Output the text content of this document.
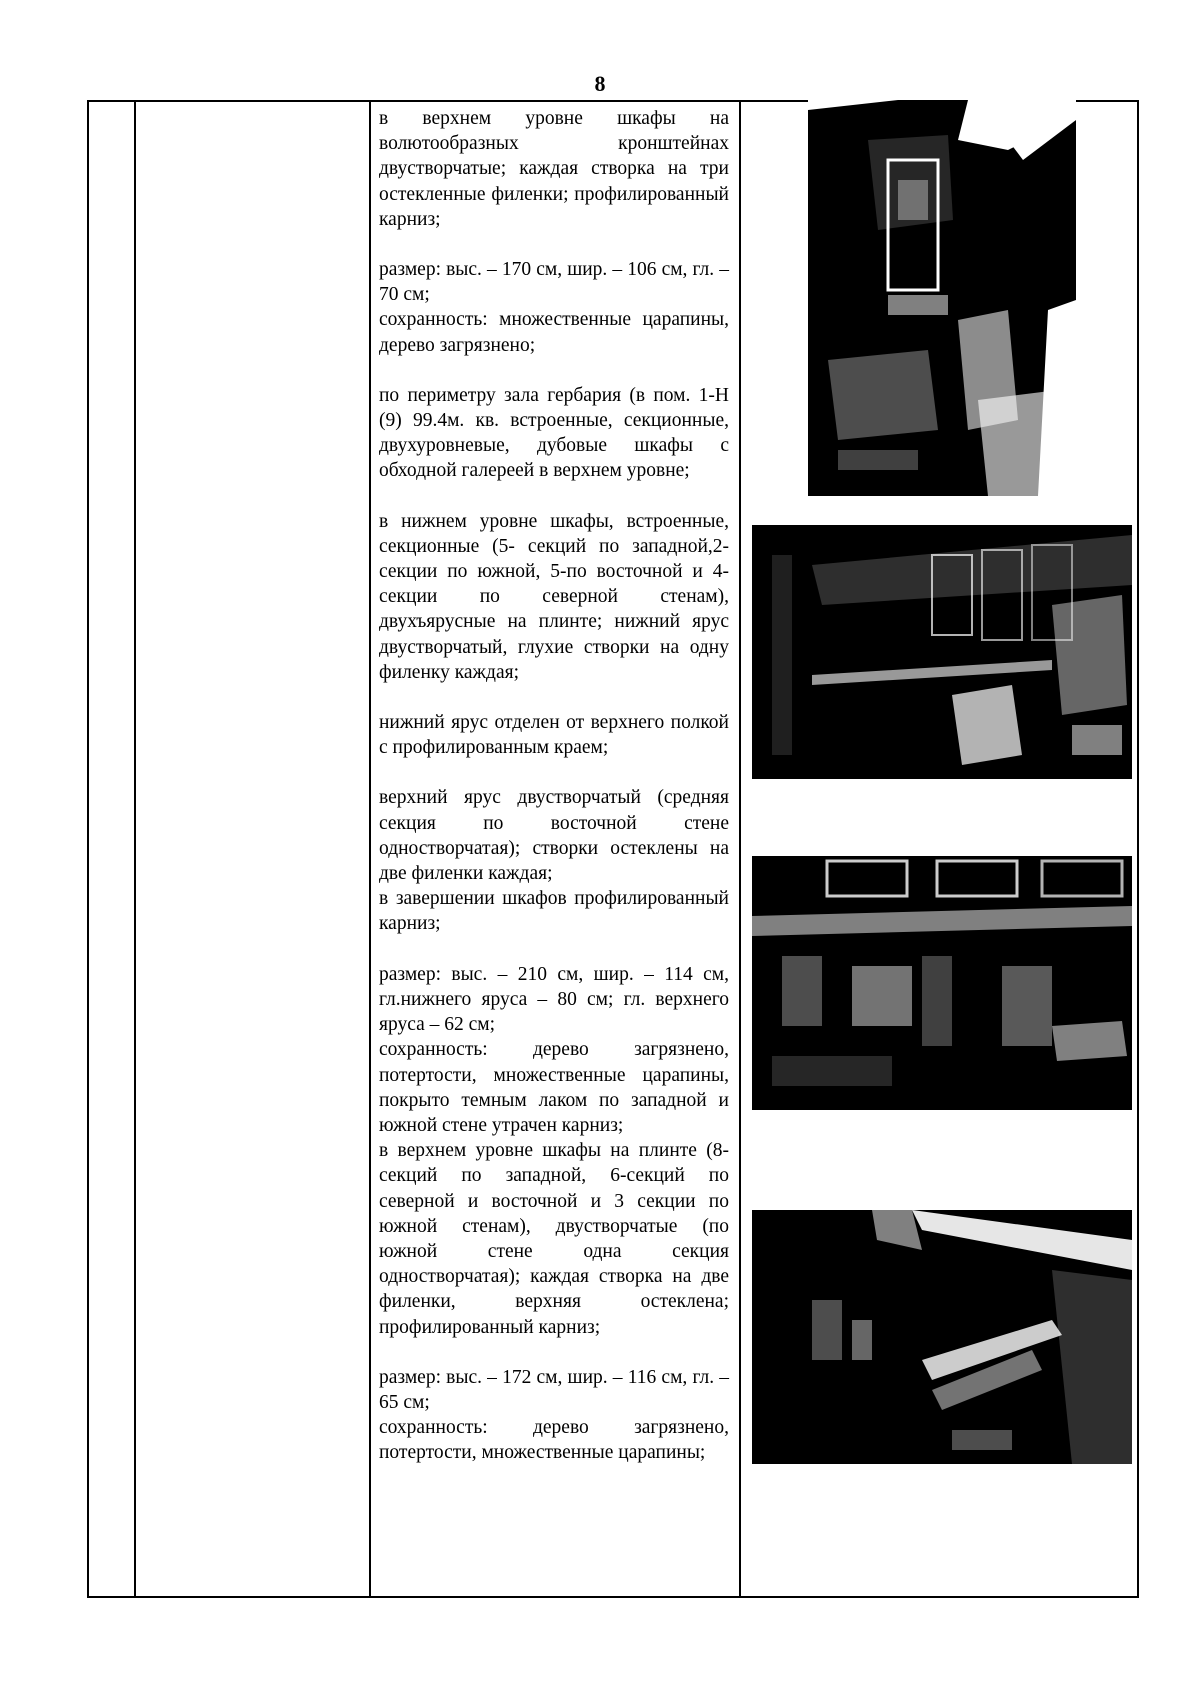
8

в верхнем уровне шкафы на волютообразных кронштейнах двустворчатые; каждая створка на три остекленные филенки; профилированный карниз;

размер: выс. – 170 см, шир. – 106 см, гл. – 70 см;

сохранность: множественные царапины, дерево загрязнено;

по периметру зала гербария (в пом. 1-Н (9) 99.4м. кв. встроенные, секционные, двухуровневые, дубовые шкафы с обходной галереей в верхнем уровне;

в нижнем уровне шкафы, встроенные, секционные (5- секций по западной,2-секции по южной, 5-по восточной и 4-секции по северной стенам), двухъярусные на плинте; нижний ярус двустворчатый, глухие створки на одну филенку каждая;

нижний ярус отделен от верхнего полкой с профилированным краем;

верхний ярус двустворчатый (средняя секция по восточной стене одностворчатая); створки остеклены на две филенки каждая;

в завершении шкафов профилированный карниз;

размер: выс. – 210 см, шир. – 114 см, гл.нижнего яруса – 80 см; гл. верхнего яруса – 62 см;

сохранность: дерево загрязнено, потертости, множественные царапины, покрыто темным лаком по западной и южной стене утрачен карниз;

в верхнем уровне шкафы на плинте (8-секций по западной, 6-секций по северной и восточной и 3 секции по южной стенам), двустворчатые (по южной стене одна секция одностворчатая); каждая створка на две филенки, верхняя остеклена; профилированный карниз;

размер: выс. – 172 см, шир. – 116 см, гл. – 65 см;

сохранность: дерево загрязнено, потертости, множественные царапины;
